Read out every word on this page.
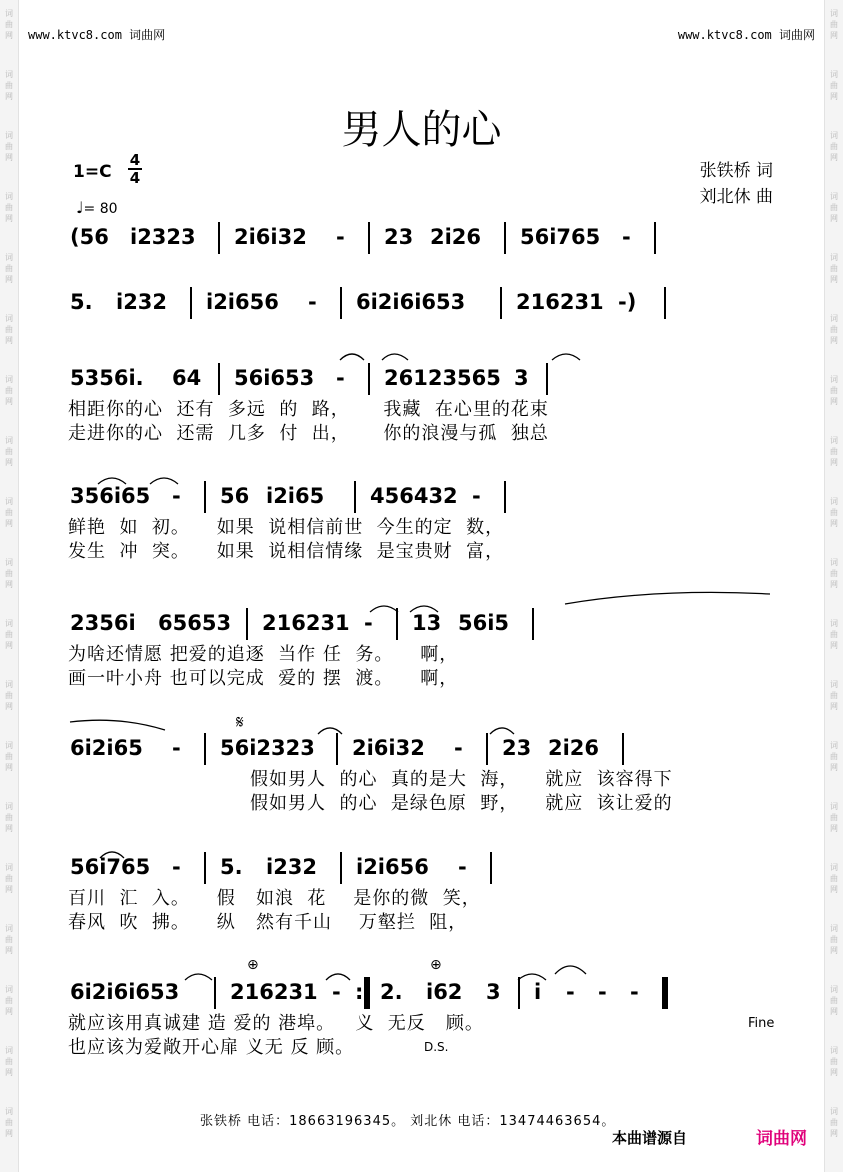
词
曲
网
词
曲
网
词
曲
网
词
曲
网
词
曲
网
词
曲
网
词
曲
网
词
曲
网
词
曲
网
词
曲
网
词
曲
网
词
曲
网
词
曲
网
词
曲
网
词
曲
网
词
曲
网
词
曲
网
词
曲
网
词
曲
网
词
曲
网
词
曲
网
词
曲
网
词
曲
网
词
曲
网
词
曲
网
词
曲
网
词
曲
网
词
曲
网
词
曲
网
词
曲
网
词
曲
网
词
曲
网
词
曲
网
词
曲
网
词
曲
网
词
曲
网
词
曲
网
词
曲
网
www.ktvc8.com 词曲网	www.ktvc8.com 词曲网
男人的心
1=C
4
4
♩= 80
张铁桥 词
刘北休 曲
(56 i2323 2i6i32 - 23 2i26 56i765 -
5. i232 i2i656 - 6i2i6i653 216231 -)
5356i. 64 56i653 - 26123565 3
相距你的心  还有  多远  的  路，     我藏  在心里的花束
走进你的心  还需  几多  付  出，     你的浪漫与孤  独总
356i65 - 56 i2i65 456432 -
鲜艳  如  初。    如果  说相信前世  今生的定  数，
发生  冲  突。    如果  说相信情缘  是宝贵财  富，
2356i 65653 216231 - 13 56i5
为啥还情愿 把爱的追逐  当作 任  务。    啊，
画一叶小舟 也可以完成  爱的 摆  渡。    啊，
6i2i65 - 56i2323 2i6i32 - 23 2i26
假如男人  的心  真的是大  海，    就应  该容得下
假如男人  的心  是绿色原  野，    就应  该让爱的
56i765 - 5. i232 i2i656 -
百川  汇  入。    假   如浪  花    是你的微  笑，
春风  吹  拂。    纵   然有千山    万壑拦  阻，
6i2i6i653 216231 - : 2. i62 3 i - - -
就应该用真诚建 造 爱的 港埠。   义  无反   顾。
也应该为爱敞开心扉 义无 反 顾。	D.S.
Fine
𝄋
⊕	⊕
张铁桥 电话：18663196345。 刘北休 电话：13474463654。
本曲谱源自	词曲网
